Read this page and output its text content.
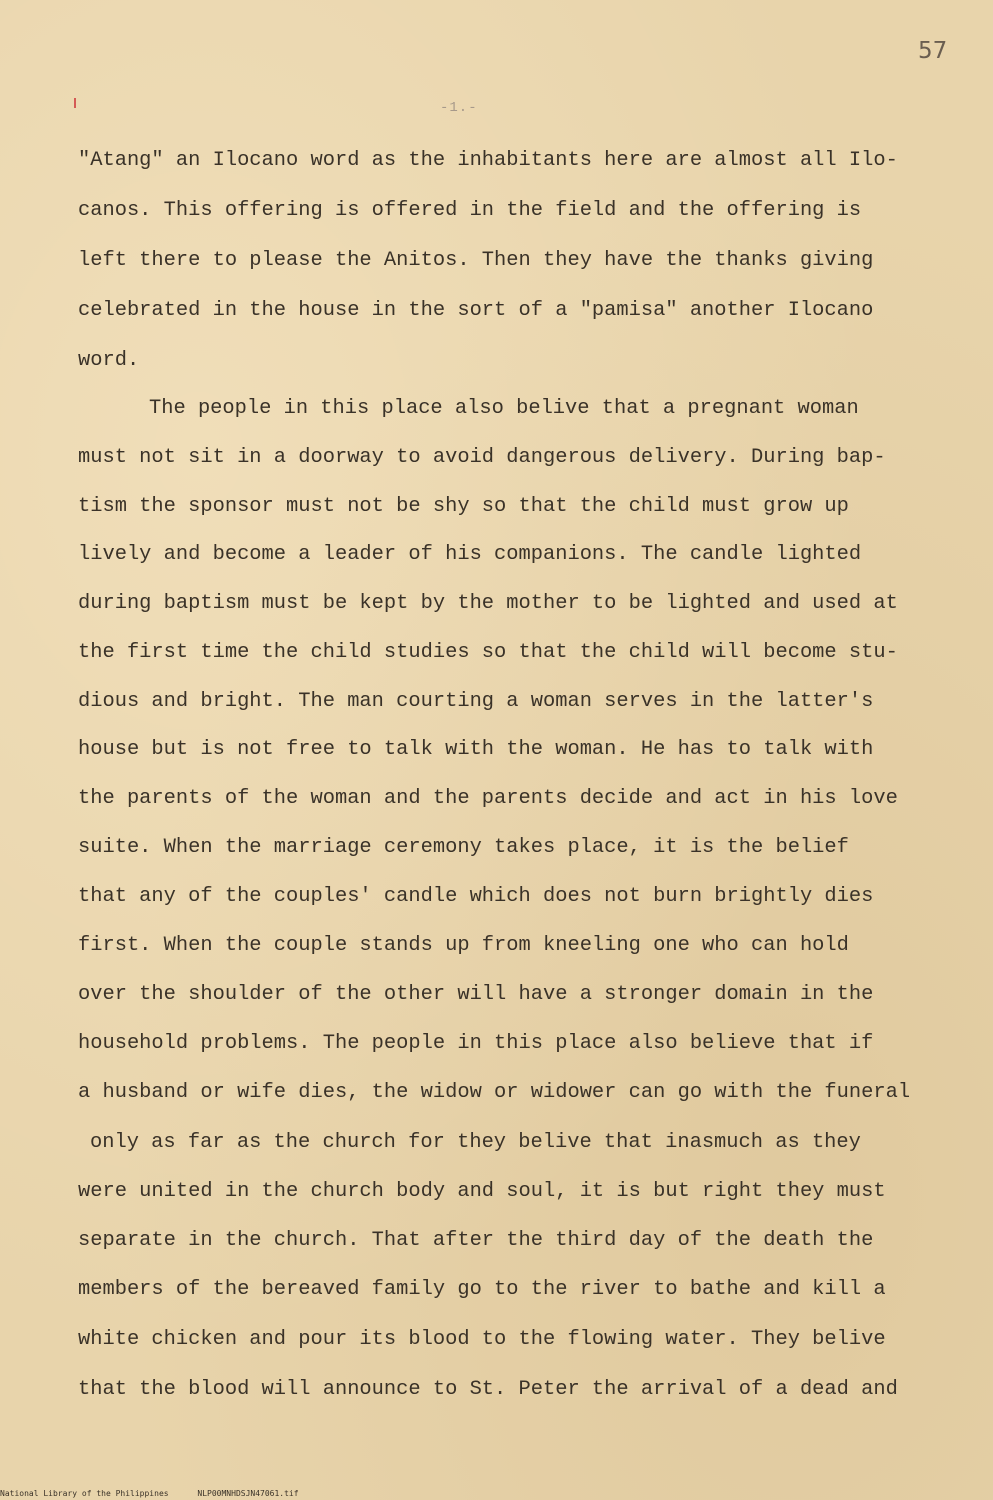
57
-1.-
"Atang" an Ilocano word as the inhabitants here are almost all Ilo-
canos. This offering is offered in the field and the offering is
left there to please the Anitos. Then they have the thanks giving
celebrated in the house in the sort of a "pamisa" another Ilocano
word.
The people in this place also belive that a pregnant woman
must not sit in a doorway to avoid dangerous delivery. During bap-
tism the sponsor must not be shy so that the child must grow up
lively and become a leader of his companions. The candle lighted
during baptism must be kept by the mother to be lighted and used at
the first time the child studies so that the child will become stu-
dious and bright. The man courting a woman serves in the latter's
house but is not free to talk with the woman. He has to talk with
the parents of the woman and the parents decide and act in his love
suite. When the marriage ceremony takes place, it is the belief
that any of the couples' candle which does not burn brightly dies
first. When the couple stands up from kneeling one who can hold
over the shoulder of the other will have a stronger domain in the
household problems. The people in this place also believe that if
a husband or wife dies, the widow or widower can go with the funeral
only as far as the church for they belive that inasmuch as they
were united in the church body and soul, it is but right they must
separate in the church. That after the third day of the death the
members of the bereaved family go to the river to bathe and kill a
white chicken and pour its blood to the flowing water. They belive
that the blood will announce to St. Peter the arrival of a dead and
National Library of the Philippines	NLP00MNHDSJN47061.tif
